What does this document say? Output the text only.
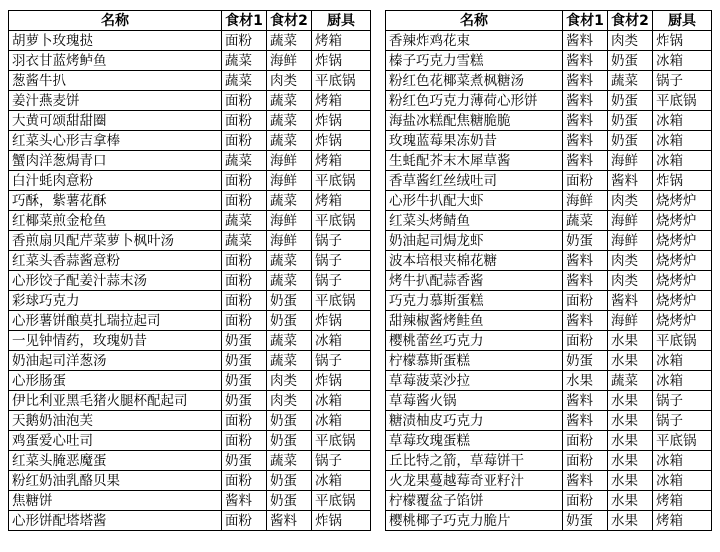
名称	食材1	食材2	厨具
胡萝卜玫瑰挞	面粉	蔬菜	烤箱
羽衣甘蓝烤鲈鱼	蔬菜	海鲜	炸锅
葱酱牛扒	蔬菜	肉类	平底锅
姜汁燕麦饼	面粉	蔬菜	烤箱
大黄可颂甜甜圈	面粉	蔬菜	炸锅
红菜头心形吉拿棒	面粉	蔬菜	炸锅
蟹肉洋葱焗青口	蔬菜	海鲜	烤箱
白汁蚝肉意粉	面粉	海鲜	平底锅
巧酥，紫薯花酥	面粉	蔬菜	烤箱
红椰菜煎金枪鱼	蔬菜	海鲜	平底锅
香煎扇贝配芹菜萝卜枫叶汤	蔬菜	海鲜	锅子
红菜头香蒜酱意粉	面粉	蔬菜	锅子
心形饺子配姜汁蒜末汤	面粉	蔬菜	锅子
彩球巧克力	面粉	奶蛋	平底锅
心形薯饼酿莫扎瑞拉起司	面粉	奶蛋	炸锅
一见钟情药，玫瑰奶昔	奶蛋	蔬菜	冰箱
奶油起司洋葱汤	奶蛋	蔬菜	锅子
心形肠蛋	奶蛋	肉类	炸锅
伊比利亚黑毛猪火腿杯配起司	奶蛋	肉类	冰箱
天鹅奶油泡芙	面粉	奶蛋	冰箱
鸡蛋爱心吐司	面粉	奶蛋	平底锅
红菜头腌恶魔蛋	奶蛋	蔬菜	锅子
粉红奶油乳酪贝果	面粉	奶蛋	冰箱
焦糖饼	酱料	奶蛋	平底锅
心形饼配塔塔酱	面粉	酱料	炸锅
名称	食材1	食材2	厨具
香辣炸鸡花束	酱料	肉类	炸锅
榛子巧克力雪糕	酱料	奶蛋	冰箱
粉红色花椰菜煮枫糖汤	酱料	蔬菜	锅子
粉红色巧克力薄荷心形饼	酱料	奶蛋	平底锅
海盐冰糕配焦糖脆脆	酱料	奶蛋	冰箱
玫瑰蓝莓果冻奶昔	酱料	奶蛋	冰箱
生蚝配芥末木犀草酱	酱料	海鲜	冰箱
香草酱红丝绒吐司	面粉	酱料	炸锅
心形牛扒配大虾	海鲜	肉类	烧烤炉
红菜头烤鲭鱼	蔬菜	海鲜	烧烤炉
奶油起司焗龙虾	奶蛋	海鲜	烧烤炉
波本培根夹棉花糖	酱料	肉类	烧烤炉
烤牛扒配蒜香酱	酱料	肉类	烧烤炉
巧克力慕斯蛋糕	面粉	酱料	烧烤炉
甜辣椒酱烤鲑鱼	酱料	海鲜	烧烤炉
樱桃蕾丝巧克力	面粉	水果	平底锅
柠檬慕斯蛋糕	奶蛋	水果	冰箱
草莓菠菜沙拉	水果	蔬菜	冰箱
草莓酱火锅	酱料	水果	锅子
糖渍柚皮巧克力	酱料	水果	锅子
草莓玫瑰蛋糕	面粉	水果	平底锅
丘比特之箭，草莓饼干	面粉	水果	冰箱
火龙果蔓越莓奇亚籽汁	酱料	水果	冰箱
柠檬覆盆子馅饼	面粉	水果	烤箱
樱桃椰子巧克力脆片	奶蛋	水果	烤箱
